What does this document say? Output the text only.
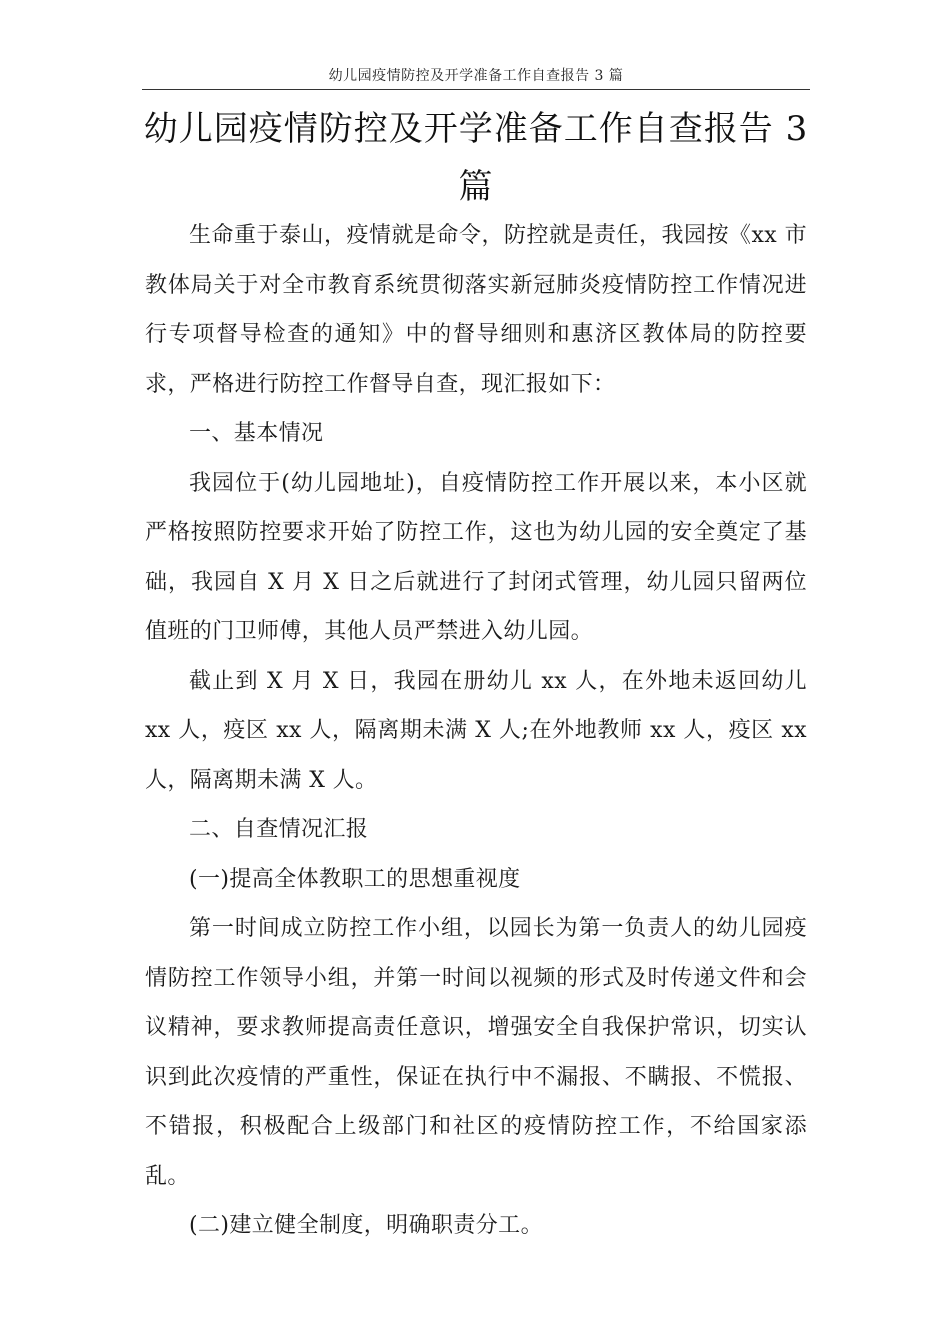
幼儿园疫情防控及开学准备工作自查报告 3 篇
幼儿园疫情防控及开学准备工作自查报告 3 篇

生命重于泰山，疫情就是命令，防控就是责任，我园按《xx 市教体局关于对全市教育系统贯彻落实新冠肺炎疫情防控工作情况进行专项督导检查的通知》中的督导细则和惠济区教体局的防控要求，严格进行防控工作督导自查，现汇报如下：

一、基本情况

我园位于(幼儿园地址)，自疫情防控工作开展以来，本小区就严格按照防控要求开始了防控工作，这也为幼儿园的安全奠定了基础，我园自 X 月 X 日之后就进行了封闭式管理，幼儿园只留两位值班的门卫师傅，其他人员严禁进入幼儿园。

截止到 X 月 X 日，我园在册幼儿 xx 人，在外地未返回幼儿 xx 人，疫区 xx 人，隔离期未满 X 人;在外地教师 xx 人，疫区 xx 人，隔离期未满 X 人。

二、自查情况汇报

(一)提高全体教职工的思想重视度

第一时间成立防控工作小组，以园长为第一负责人的幼儿园疫情防控工作领导小组，并第一时间以视频的形式及时传递文件和会议精神，要求教师提高责任意识，增强安全自我保护常识，切实认识到此次疫情的严重性，保证在执行中不漏报、不瞒报、不慌报、不错报，积极配合上级部门和社区的疫情防控工作，不给国家添乱。

(二)建立健全制度，明确职责分工。
